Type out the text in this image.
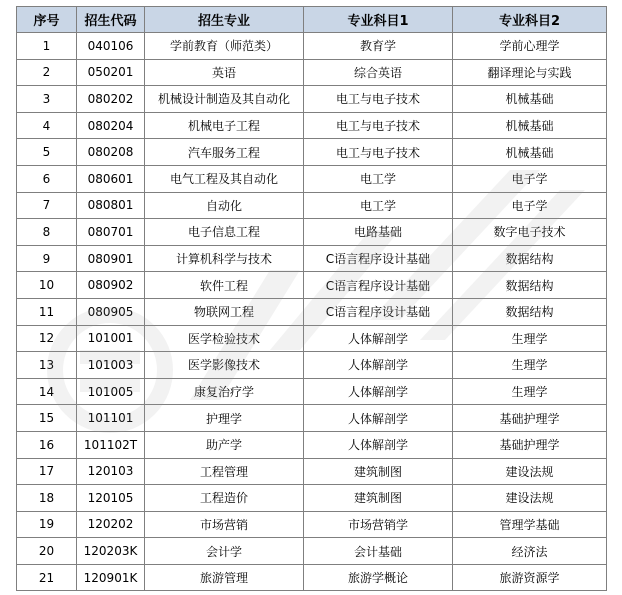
序号	招生代码	招生专业	专业科目1	专业科目2
1	040106	学前教育（师范类）	教育学	学前心理学
2	050201	英语	综合英语	翻译理论与实践
3	080202	机械设计制造及其自动化	电工与电子技术	机械基础
4	080204	机械电子工程	电工与电子技术	机械基础
5	080208	汽车服务工程	电工与电子技术	机械基础
6	080601	电气工程及其自动化	电工学	电子学
7	080801	自动化	电工学	电子学
8	080701	电子信息工程	电路基础	数字电子技术
9	080901	计算机科学与技术	C语言程序设计基础	数据结构
10	080902	软件工程	C语言程序设计基础	数据结构
11	080905	物联网工程	C语言程序设计基础	数据结构
12	101001	医学检验技术	人体解剖学	生理学
13	101003	医学影像技术	人体解剖学	生理学
14	101005	康复治疗学	人体解剖学	生理学
15	101101	护理学	人体解剖学	基础护理学
16	101102T	助产学	人体解剖学	基础护理学
17	120103	工程管理	建筑制图	建设法规
18	120105	工程造价	建筑制图	建设法规
19	120202	市场营销	市场营销学	管理学基础
20	120203K	会计学	会计基础	经济法
21	120901K	旅游管理	旅游学概论	旅游资源学
